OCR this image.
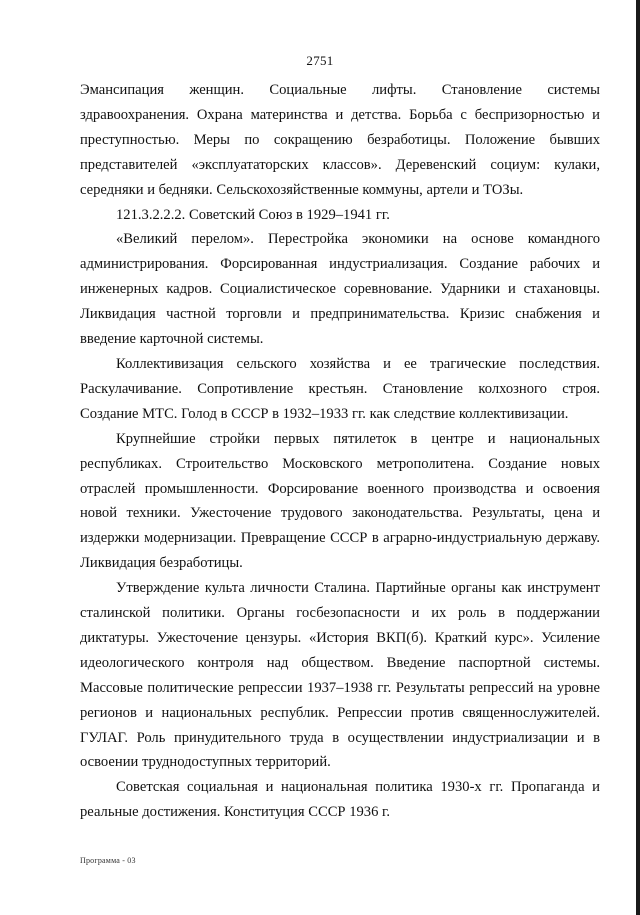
2751

Эмансипация женщин. Социальные лифты. Становление системы здравоохранения. Охрана материнства и детства. Борьба с беспризорностью и преступностью. Меры по сокращению безработицы. Положение бывших представителей «эксплуататорских классов». Деревенский социум: кулаки, середняки и бедняки. Сельскохозяйственные коммуны, артели и ТОЗы.

121.3.2.2.2. Советский Союз в 1929–1941 гг.

«Великий перелом». Перестройка экономики на основе командного администрирования. Форсированная индустриализация. Создание рабочих и инженерных кадров. Социалистическое соревнование. Ударники и стахановцы. Ликвидация частной торговли и предпринимательства. Кризис снабжения и введение карточной системы.

Коллективизация сельского хозяйства и ее трагические последствия. Раскулачивание. Сопротивление крестьян. Становление колхозного строя. Создание МТС. Голод в СССР в 1932–1933 гг. как следствие коллективизации.

Крупнейшие стройки первых пятилеток в центре и национальных республиках. Строительство Московского метрополитена. Создание новых отраслей промышленности. Форсирование военного производства и освоения новой техники. Ужесточение трудового законодательства. Результаты, цена и издержки модернизации. Превращение СССР в аграрно-индустриальную державу. Ликвидация безработицы.

Утверждение культа личности Сталина. Партийные органы как инструмент сталинской политики. Органы госбезопасности и их роль в поддержании диктатуры. Ужесточение цензуры. «История ВКП(б). Краткий курс». Усиление идеологического контроля над обществом. Введение паспортной системы. Массовые политические репрессии 1937–1938 гг. Результаты репрессий на уровне регионов и национальных республик. Репрессии против священнослужителей. ГУЛАГ. Роль принудительного труда в осуществлении индустриализации и в освоении труднодоступных территорий.

Советская социальная и национальная политика 1930-х гг. Пропаганда и реальные достижения. Конституция СССР 1936 г.

Программа - 03
